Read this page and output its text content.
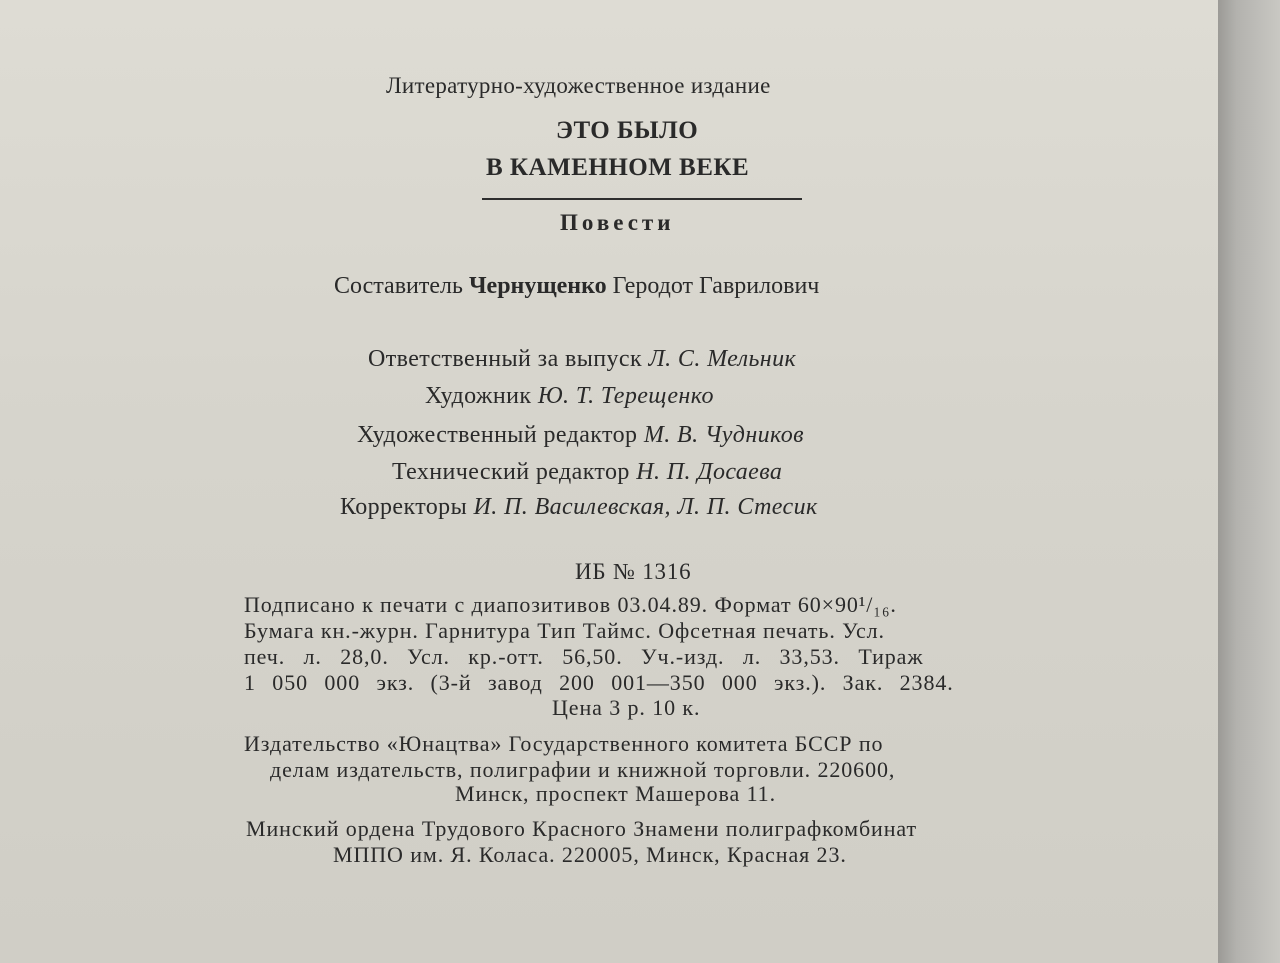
Литературно-художественное издание
ЭТО БЫЛО
В КАМЕННОМ ВЕКЕ
Повести
Составитель Чернущенко Геродот Гаврилович
Ответственный за выпуск Л. С. Мельник
Художник Ю. Т. Терещенко
Художественный редактор М. В. Чудников
Технический редактор Н. П. Досаева
Корректоры И. П. Василевская, Л. П. Стесик
ИБ № 1316
Подписано к печати с диапозитивов 03.04.89. Формат 60×90¹/₁₆.
Бумага кн.-журн. Гарнитура Тип Таймс. Офсетная печать. Усл.
печ. л. 28,0. Усл. кр.-отт. 56,50. Уч.-изд. л. 33,53. Тираж
1 050 000 экз. (3-й завод 200 001—350 000 экз.). Зак. 2384.
Цена 3 р. 10 к.
Издательство «Юнацтва» Государственного комитета БССР по
делам издательств, полиграфии и книжной торговли. 220600,
Минск, проспект Машерова 11.
Минский ордена Трудового Красного Знамени полиграфкомбинат
МППО им. Я. Коласа. 220005, Минск, Красная 23.
